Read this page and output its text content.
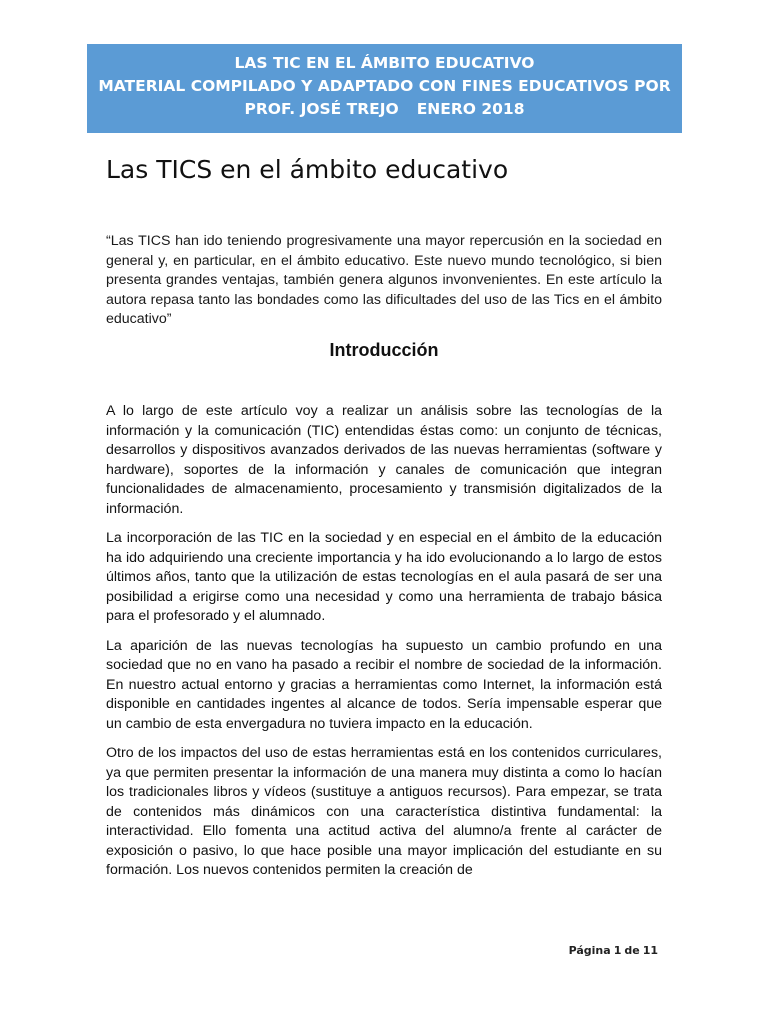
LAS TIC EN EL ÁMBITO EDUCATIVO
MATERIAL COMPILADO Y ADAPTADO CON FINES EDUCATIVOS POR
PROF. JOSÉ TREJO ENERO 2018
Las TICS en el ámbito educativo

“Las TICS han ido teniendo progresivamente una mayor repercusión en la sociedad en general y, en particular, en el ámbito educativo. Este nuevo mundo tecnológico, si bien presenta grandes ventajas, también genera algunos invonvenientes. En este artículo la autora repasa tanto las bondades como las dificultades del uso de las Tics en el ámbito educativo”

Introducción

A lo largo de este artículo voy a realizar un análisis sobre las tecnologías de la información y la comunicación (TIC) entendidas éstas como: un conjunto de técnicas, desarrollos y dispositivos avanzados derivados de las nuevas herramientas (software y hardware), soportes de la información y canales de comunicación que integran funcionalidades de almacenamiento, procesamiento y transmisión digitalizados de la información.

La incorporación de las TIC en la sociedad y en especial en el ámbito de la educación ha ido adquiriendo una creciente importancia y ha ido evolucionando a lo largo de estos últimos años, tanto que la utilización de estas tecnologías en el aula pasará de ser una posibilidad a erigirse como una necesidad y como una herramienta de trabajo básica para el profesorado y el alumnado.

La aparición de las nuevas tecnologías ha supuesto un cambio profundo en una sociedad que no en vano ha pasado a recibir el nombre de sociedad de la información. En nuestro actual entorno y gracias a herramientas como Internet, la información está disponible en cantidades ingentes al alcance de todos. Sería impensable esperar que un cambio de esta envergadura no tuviera impacto en la educación.

Otro de los impactos del uso de estas herramientas está en los contenidos curriculares, ya que permiten presentar la información de una manera muy distinta a como lo hacían los tradicionales libros y vídeos (sustituye a antiguos recursos). Para empezar, se trata de contenidos más dinámicos con una característica distintiva fundamental: la interactividad. Ello fomenta una actitud activa del alumno/a frente al carácter de exposición o pasivo, lo que hace posible una mayor implicación del estudiante en su formación. Los nuevos contenidos permiten la creación de

Página 1 de 11
